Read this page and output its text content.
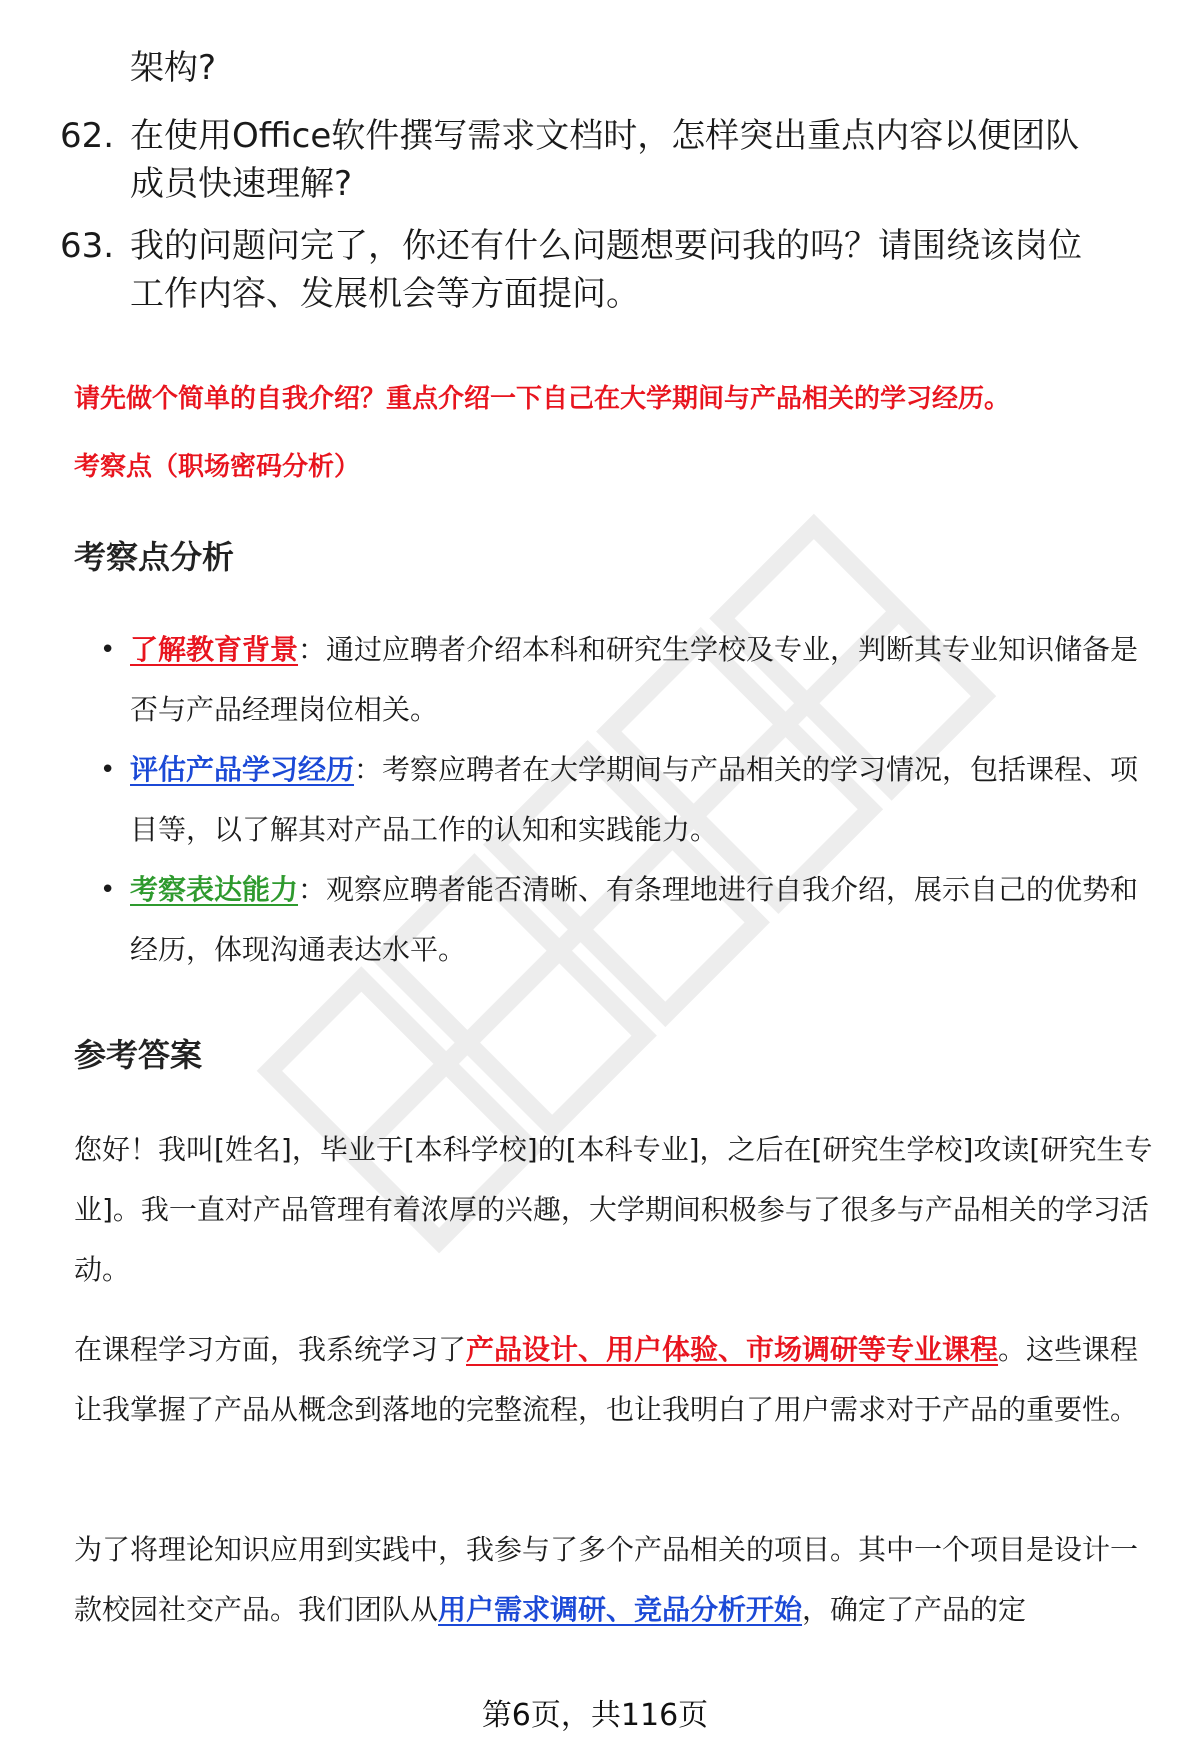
架构?
62. 在使用Office软件撰写需求文档时，怎样突出重点内容以便团队
成员快速理解?
63. 我的问题问完了，你还有什么问题想要问我的吗？请围绕该岗位
工作内容、发展机会等方面提问。
请先做个简单的自我介绍？重点介绍一下自己在大学期间与产品相关的学习经历。
考察点（职场密码分析）
考察点分析
• 了解教育背景：通过应聘者介绍本科和研究生学校及专业，判断其专业知识储备是否与产品经理岗位相关。
• 评估产品学习经历：考察应聘者在大学期间与产品相关的学习情况，包括课程、项目等，以了解其对产品工作的认知和实践能力。
• 考察表达能力：观察应聘者能否清晰、有条理地进行自我介绍，展示自己的优势和经历，体现沟通表达水平。
参考答案

您好！我叫[姓名]，毕业于[本科学校]的[本科专业]，之后在[研究生学校]攻读[研究生专业]。我一直对产品管理有着浓厚的兴趣，大学期间积极参与了很多与产品相关的学习活动。

在课程学习方面，我系统学习了产品设计、用户体验、市场调研等专业课程。这些课程让我掌握了产品从概念到落地的完整流程，也让我明白了用户需求对于产品的重要性。

为了将理论知识应用到实践中，我参与了多个产品相关的项目。其中一个项目是设计一款校园社交产品。我们团队从用户需求调研、竞品分析开始，确定了产品的定

第6页，共116页
